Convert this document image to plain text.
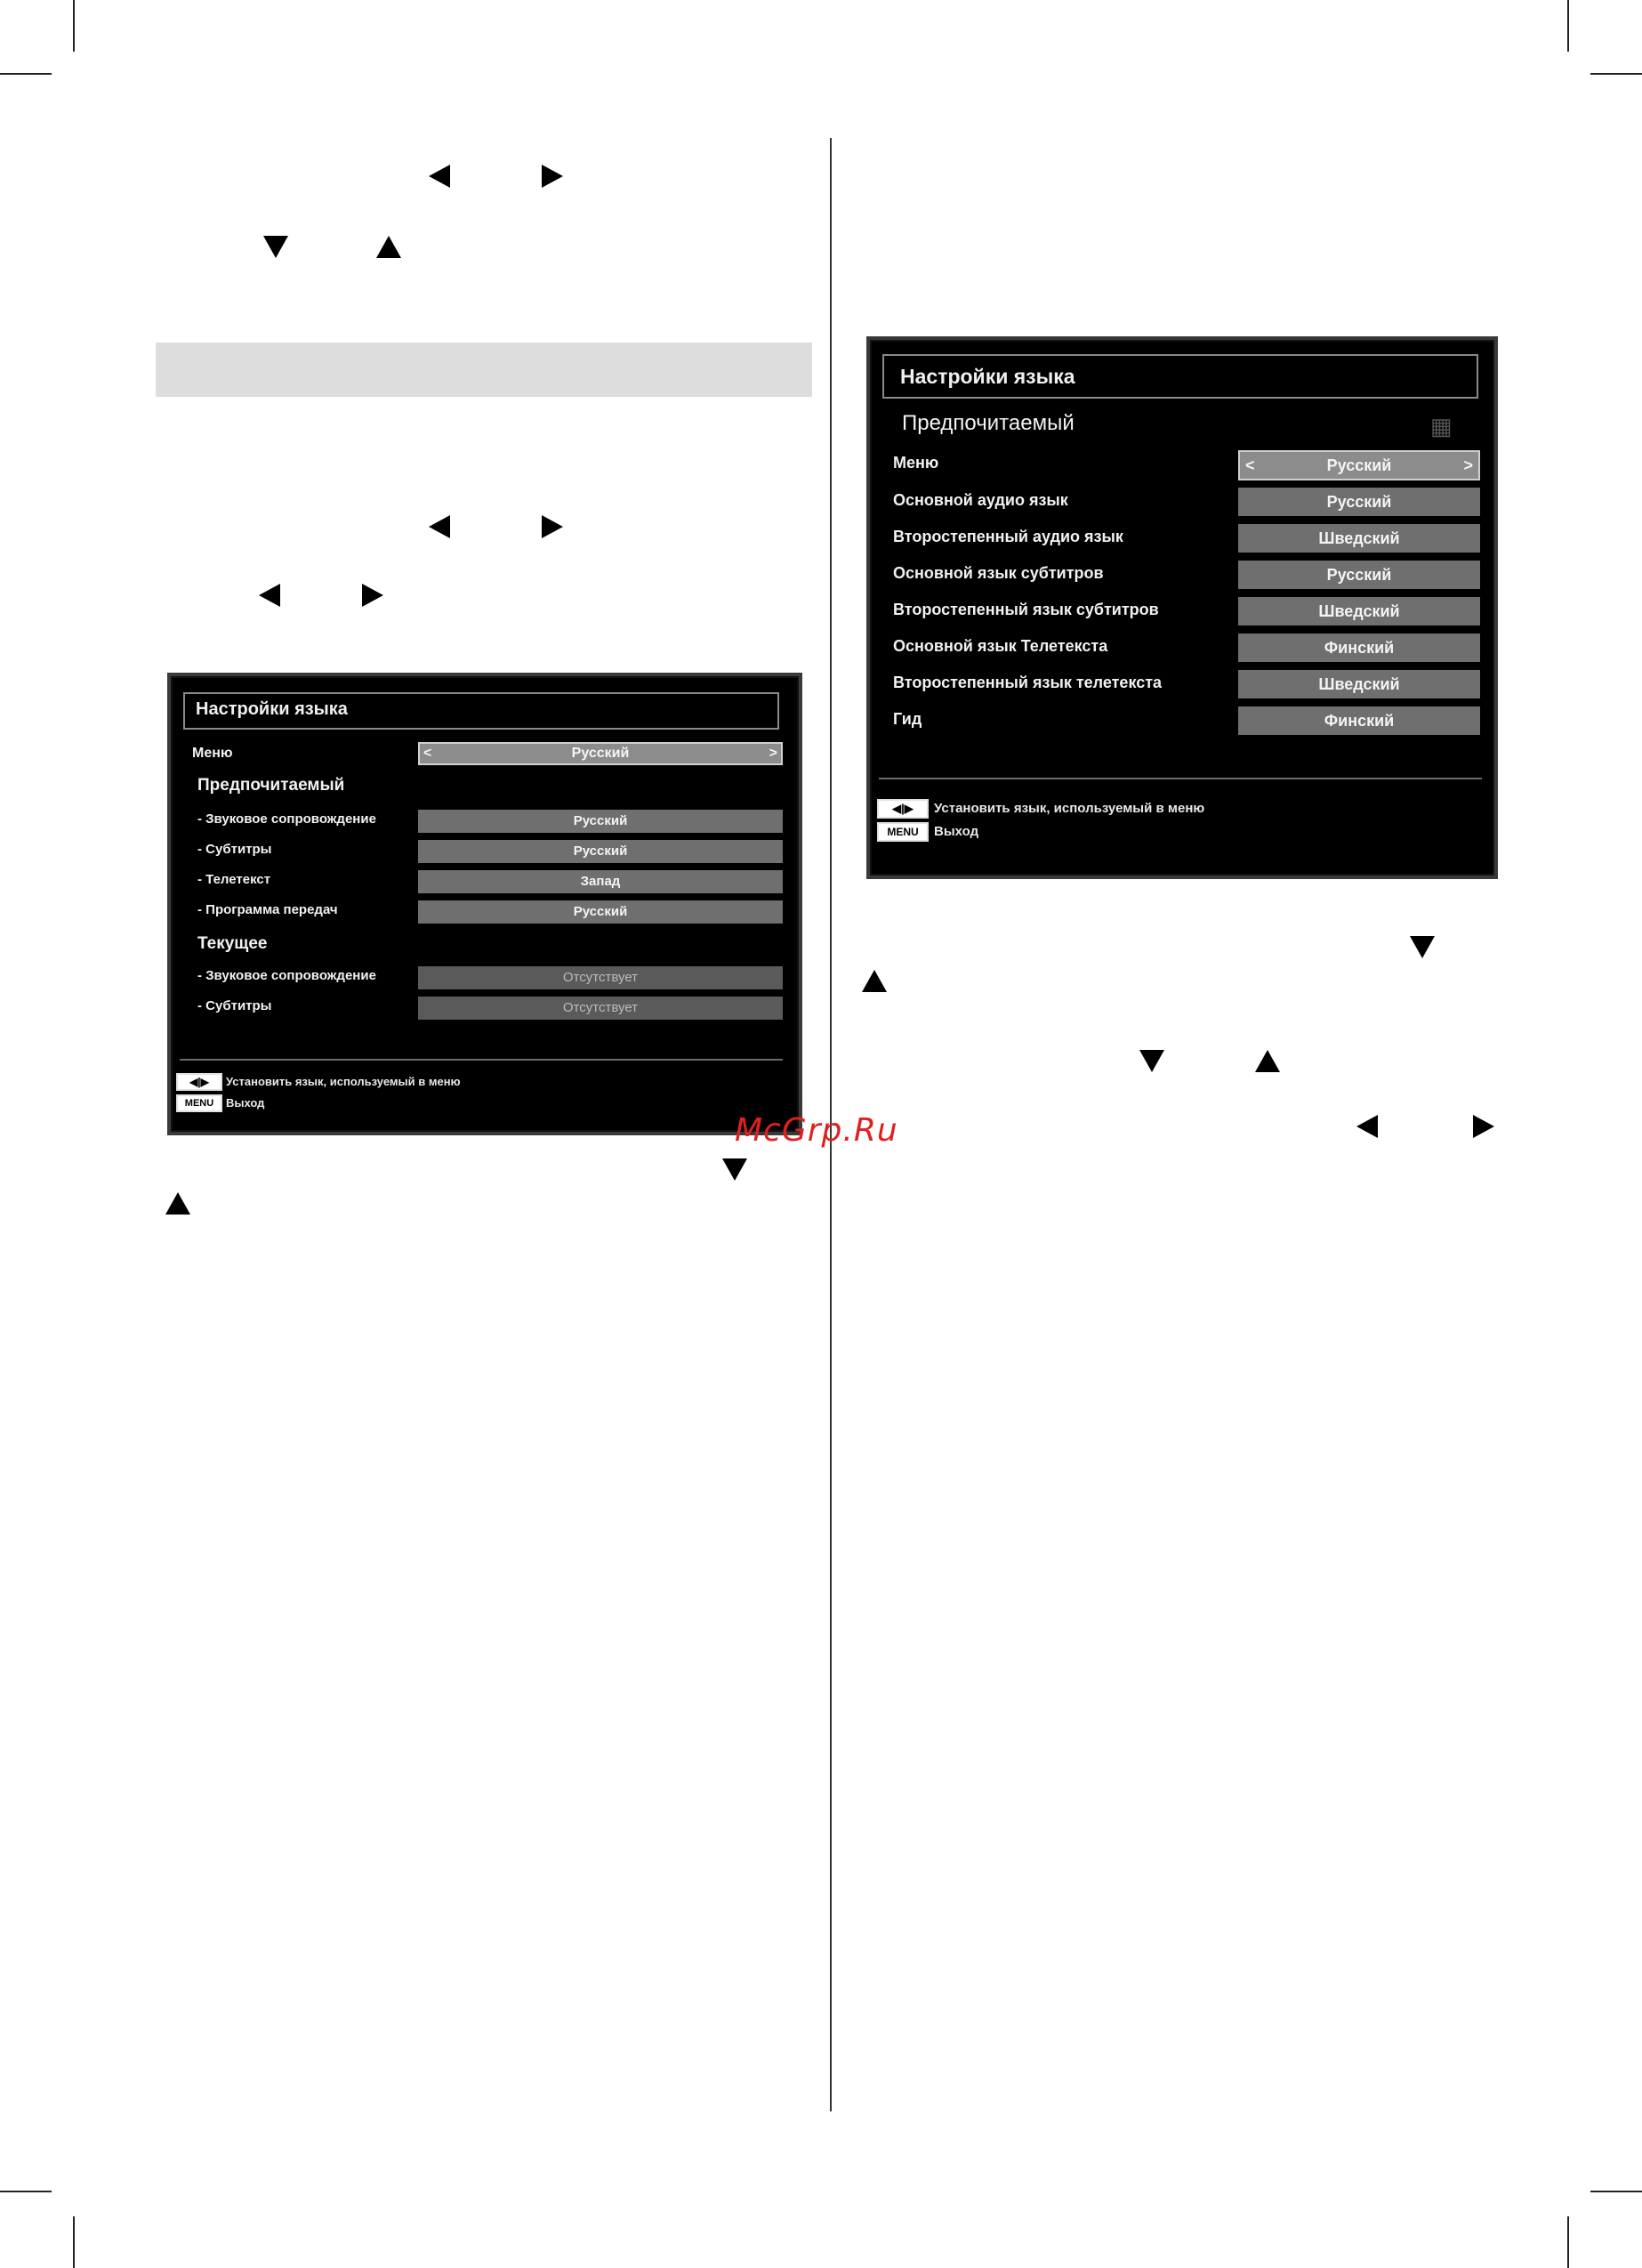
Настройки языка
Меню	<	Русский	>
Предпочитаемый
- Звуковое сопровождение	Русский
- Субтитры	Русский
- Телетекст	Запад
- Программа передач	Русский
Текущее
- Звуковое сопровождение	Отсутствует
- Субтитры	Отсутствует
◀|▶	Установить язык, используемый в меню
MENU	Выход
McGrp.Ru
Настройки языка
Предпочитаемый	▦
Меню	<	Русский	>
Основной аудио язык	Русский
Второстепенный аудио язык	Шведский
Основной язык субтитров	Русский
Второстепенный язык субтитров	Шведский
Основной язык Телетекста	Финский
Второстепенный язык телетекста	Шведский
Гид	Финский
◀|▶	Установить язык, используемый в меню
MENU	Выход
